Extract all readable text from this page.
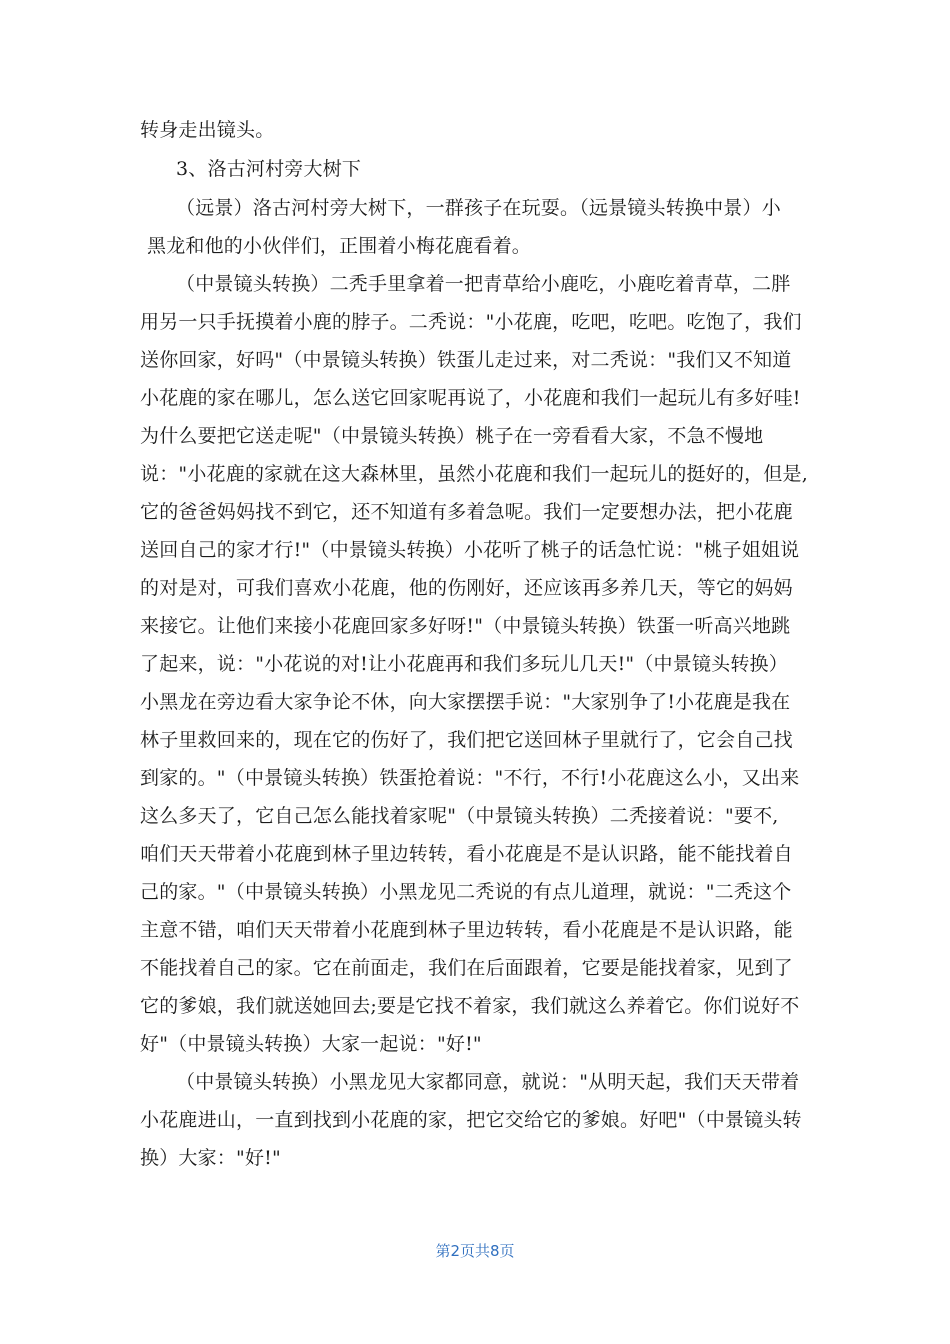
转身走出镜头。
3、洛古河村旁大树下
（远景）洛古河村旁大树下，一群孩子在玩耍。（远景镜头转换中景）小
黑龙和他的小伙伴们，正围着小梅花鹿看着。
（中景镜头转换）二秃手里拿着一把青草给小鹿吃，小鹿吃着青草，二胖
用另一只手抚摸着小鹿的脖子。二秃说："小花鹿，吃吧，吃吧。吃饱了，我们
送你回家，好吗"（中景镜头转换）铁蛋儿走过来，对二秃说："我们又不知道
小花鹿的家在哪儿，怎么送它回家呢再说了，小花鹿和我们一起玩儿有多好哇!
为什么要把它送走呢"（中景镜头转换）桃子在一旁看看大家，不急不慢地
说："小花鹿的家就在这大森林里，虽然小花鹿和我们一起玩儿的挺好的，但是,
它的爸爸妈妈找不到它，还不知道有多着急呢。我们一定要想办法，把小花鹿
送回自己的家才行!"（中景镜头转换）小花听了桃子的话急忙说："桃子姐姐说
的对是对，可我们喜欢小花鹿，他的伤刚好，还应该再多养几天，等它的妈妈
来接它。让他们来接小花鹿回家多好呀!"（中景镜头转换）铁蛋一听高兴地跳
了起来，说："小花说的对!让小花鹿再和我们多玩儿几天!"（中景镜头转换）
小黑龙在旁边看大家争论不休，向大家摆摆手说："大家别争了!小花鹿是我在
林子里救回来的，现在它的伤好了，我们把它送回林子里就行了，它会自己找
到家的。"（中景镜头转换）铁蛋抢着说："不行，不行!小花鹿这么小，又出来
这么多天了，它自己怎么能找着家呢"（中景镜头转换）二秃接着说："要不,
咱们天天带着小花鹿到林子里边转转，看小花鹿是不是认识路，能不能找着自
己的家。"（中景镜头转换）小黑龙见二秃说的有点儿道理，就说："二秃这个
主意不错，咱们天天带着小花鹿到林子里边转转，看小花鹿是不是认识路，能
不能找着自己的家。它在前面走，我们在后面跟着，它要是能找着家，见到了
它的爹娘，我们就送她回去;要是它找不着家，我们就这么养着它。你们说好不
好"（中景镜头转换）大家一起说："好!"
（中景镜头转换）小黑龙见大家都同意，就说："从明天起，我们天天带着
小花鹿进山，一直到找到小花鹿的家，把它交给它的爹娘。好吧"（中景镜头转
换）大家："好!"
第2页共8页
